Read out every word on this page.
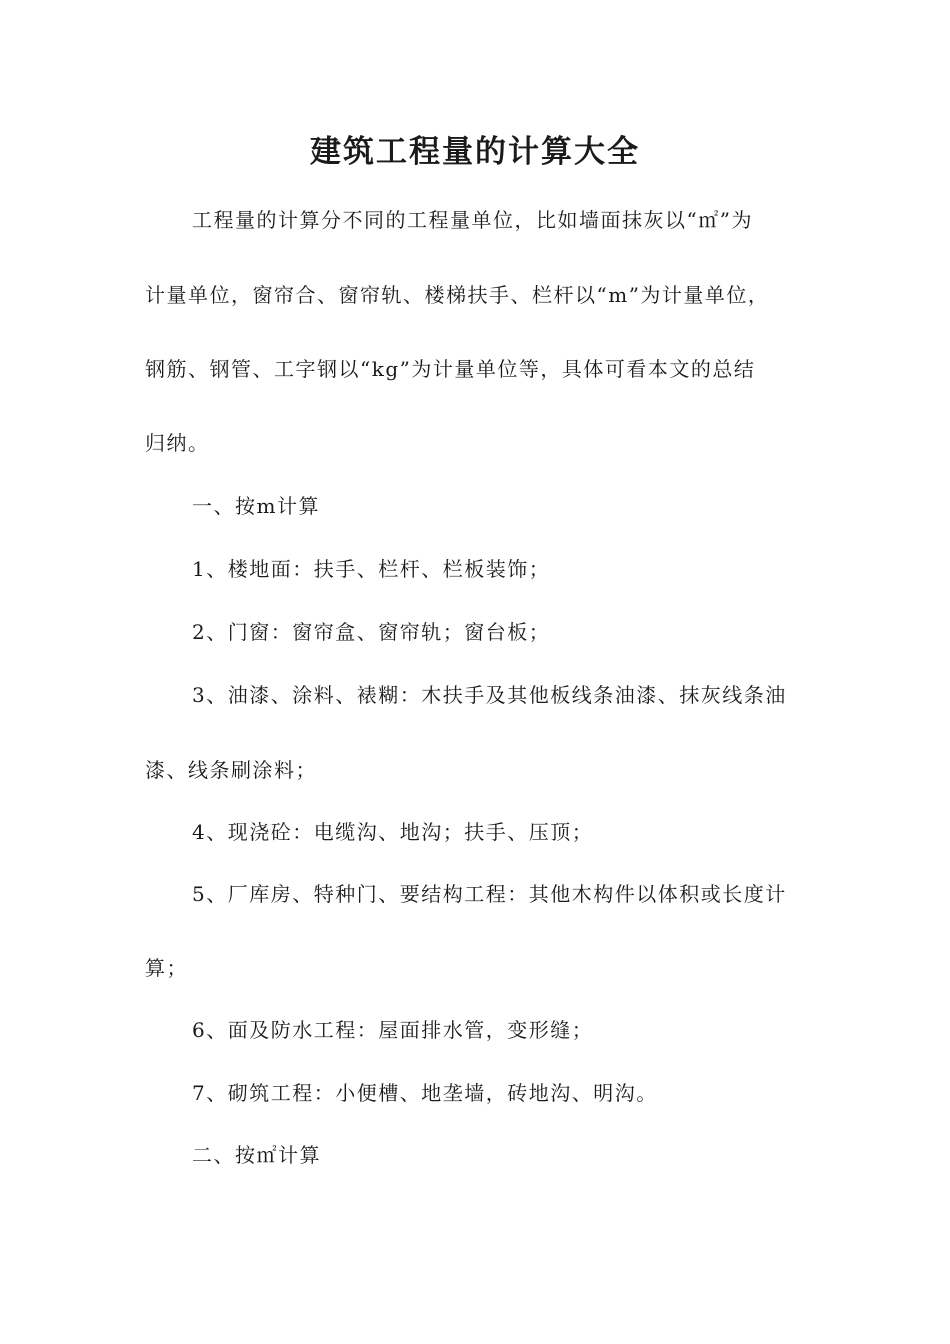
建筑工程量的计算大全
工程量的计算分不同的工程量单位，比如墙面抹灰以“㎡”为
计量单位，窗帘合、窗帘轨、楼梯扶手、栏杆以“m”为计量单位，
钢筋、钢管、工字钢以“kg”为计量单位等，具体可看本文的总结
归纳。
一、按m计算
1、楼地面：扶手、栏杆、栏板装饰；
2、门窗：窗帘盒、窗帘轨；窗台板；
3、油漆、涂料、裱糊：木扶手及其他板线条油漆、抹灰线条油
漆、线条刷涂料；
4、现浇砼：电缆沟、地沟；扶手、压顶；
5、厂库房、特种门、要结构工程：其他木构件以体积或长度计
算；
6、面及防水工程：屋面排水管，变形缝；
7、砌筑工程：小便槽、地垄墙，砖地沟、明沟。
二、按㎡计算
